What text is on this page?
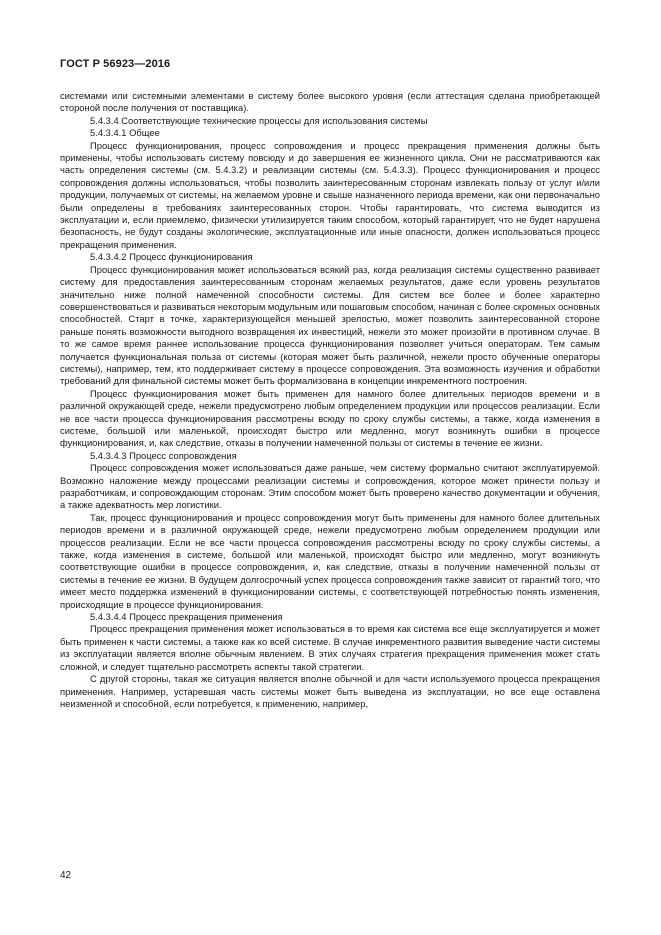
ГОСТ Р 56923—2016

системами или системными элементами в систему более высокого уровня (если аттестация сделана приобретающей стороной после получения от поставщика).

5.4.3.4 Соответствующие технические процессы для использования системы

5.4.3.4.1 Общее

Процесс функционирования, процесс сопровождения и процесс прекращения применения должны быть применены, чтобы использовать систему повсюду и до завершения ее жизненного цикла. Они не рассматриваются как часть определения системы (см. 5.4.3.2) и реализации системы (см. 5.4.3.3). Процесс функционирования и процесс сопровождения должны использоваться, чтобы позволить заинтересованным сторонам извлекать пользу от услуг и/или продукции, получаемых от системы, на желаемом уровне и свыше назначенного периода времени, как они первоначально были определены в требованиях заинтересованных сторон. Чтобы гарантировать, что система выводится из эксплуатации и, если приемлемо, физически утилизируется таким способом, который гарантирует, что не будет нарушена безопасность, не будут созданы экологические, эксплуатационные или иные опасности, должен использоваться процесс прекращения применения.

5.4.3.4.2 Процесс функционирования

Процесс функционирования может использоваться всякий раз, когда реализация системы существенно развивает систему для предоставления заинтересованным сторонам желаемых результатов, даже если уровень результатов значительно ниже полной намеченной способности системы. Для систем все более и более характерно совершенствоваться и развиваться некоторым модульным или пошаговым способом, начиная с более скромных основных способностей. Старт в точке, характеризующейся меньшей зрелостью, может позволить заинтересованной стороне раньше понять возможности выгодного возвращения их инвестиций, нежели это может произойти в противном случае. В то же самое время раннее использование процесса функционирования позволяет учиться операторам. Тем самым получается функциональная польза от системы (которая может быть различной, нежели просто обученные операторы системы), например, тем, кто поддерживает систему в процессе сопровождения. Эта возможность изучения и обработки требований для финальной системы может быть формализована в концепции инкрементного построения.

Процесс функционирования может быть применен для намного более длительных периодов времени и в различной окружающей среде, нежели предусмотрено любым определением продукции или процессов реализации. Если не все части процесса функционирования рассмотрены всюду по сроку службы системы, а также, когда изменения в системе, большой или маленькой, происходят быстро или медленно, могут возникнуть ошибки в процессе функционирования, и, как следствие, отказы в получении намеченной пользы от системы в течение ее жизни.

5.4.3.4.3 Процесс сопровождения

Процесс сопровождения может использоваться даже раньше, чем систему формально считают эксплуатируемой. Возможно наложение между процессами реализации системы и сопровождения, которое может принести пользу и разработчикам, и сопровождающим сторонам. Этим способом может быть проверено качество документации и обучения, а также адекватность мер логистики.

Так, процесс функционирования и процесс сопровождения могут быть применены для намного более длительных периодов времени и в различной окружающей среде, нежели предусмотрено любым определением продукции или процессов реализации. Если не все части процесса сопровождения рассмотрены всюду по сроку службы системы, а также, когда изменения в системе, большой или маленькой, происходят быстро или медленно, могут возникнуть соответствующие ошибки в процессе сопровождения, и, как следствие, отказы в получении намеченной пользы от системы в течение ее жизни. В будущем долгосрочный успех процесса сопровождения также зависит от гарантий того, что имеет место поддержка изменений в функционировании системы, с соответствующей потребностью понять изменения, происходящие в процессе функционирования.

5.4.3.4.4 Процесс прекращения применения

Процесс прекращения применения может использоваться в то время как система все еще эксплуатируется и может быть применен к части системы, а также как ко всей системе. В случае инкрементного развития выведение части системы из эксплуатации является вполне обычным явлением. В этих случаях стратегия прекращения применения может стать сложной, и следует тщательно рассмотреть аспекты такой стратегии.

С другой стороны, такая же ситуация является вполне обычной и для части используемого процесса прекращения применения. Например, устаревшая часть системы может быть выведена из эксплуатации, но все еще оставлена неизменной и способной, если потребуется, к применению, например,

42
